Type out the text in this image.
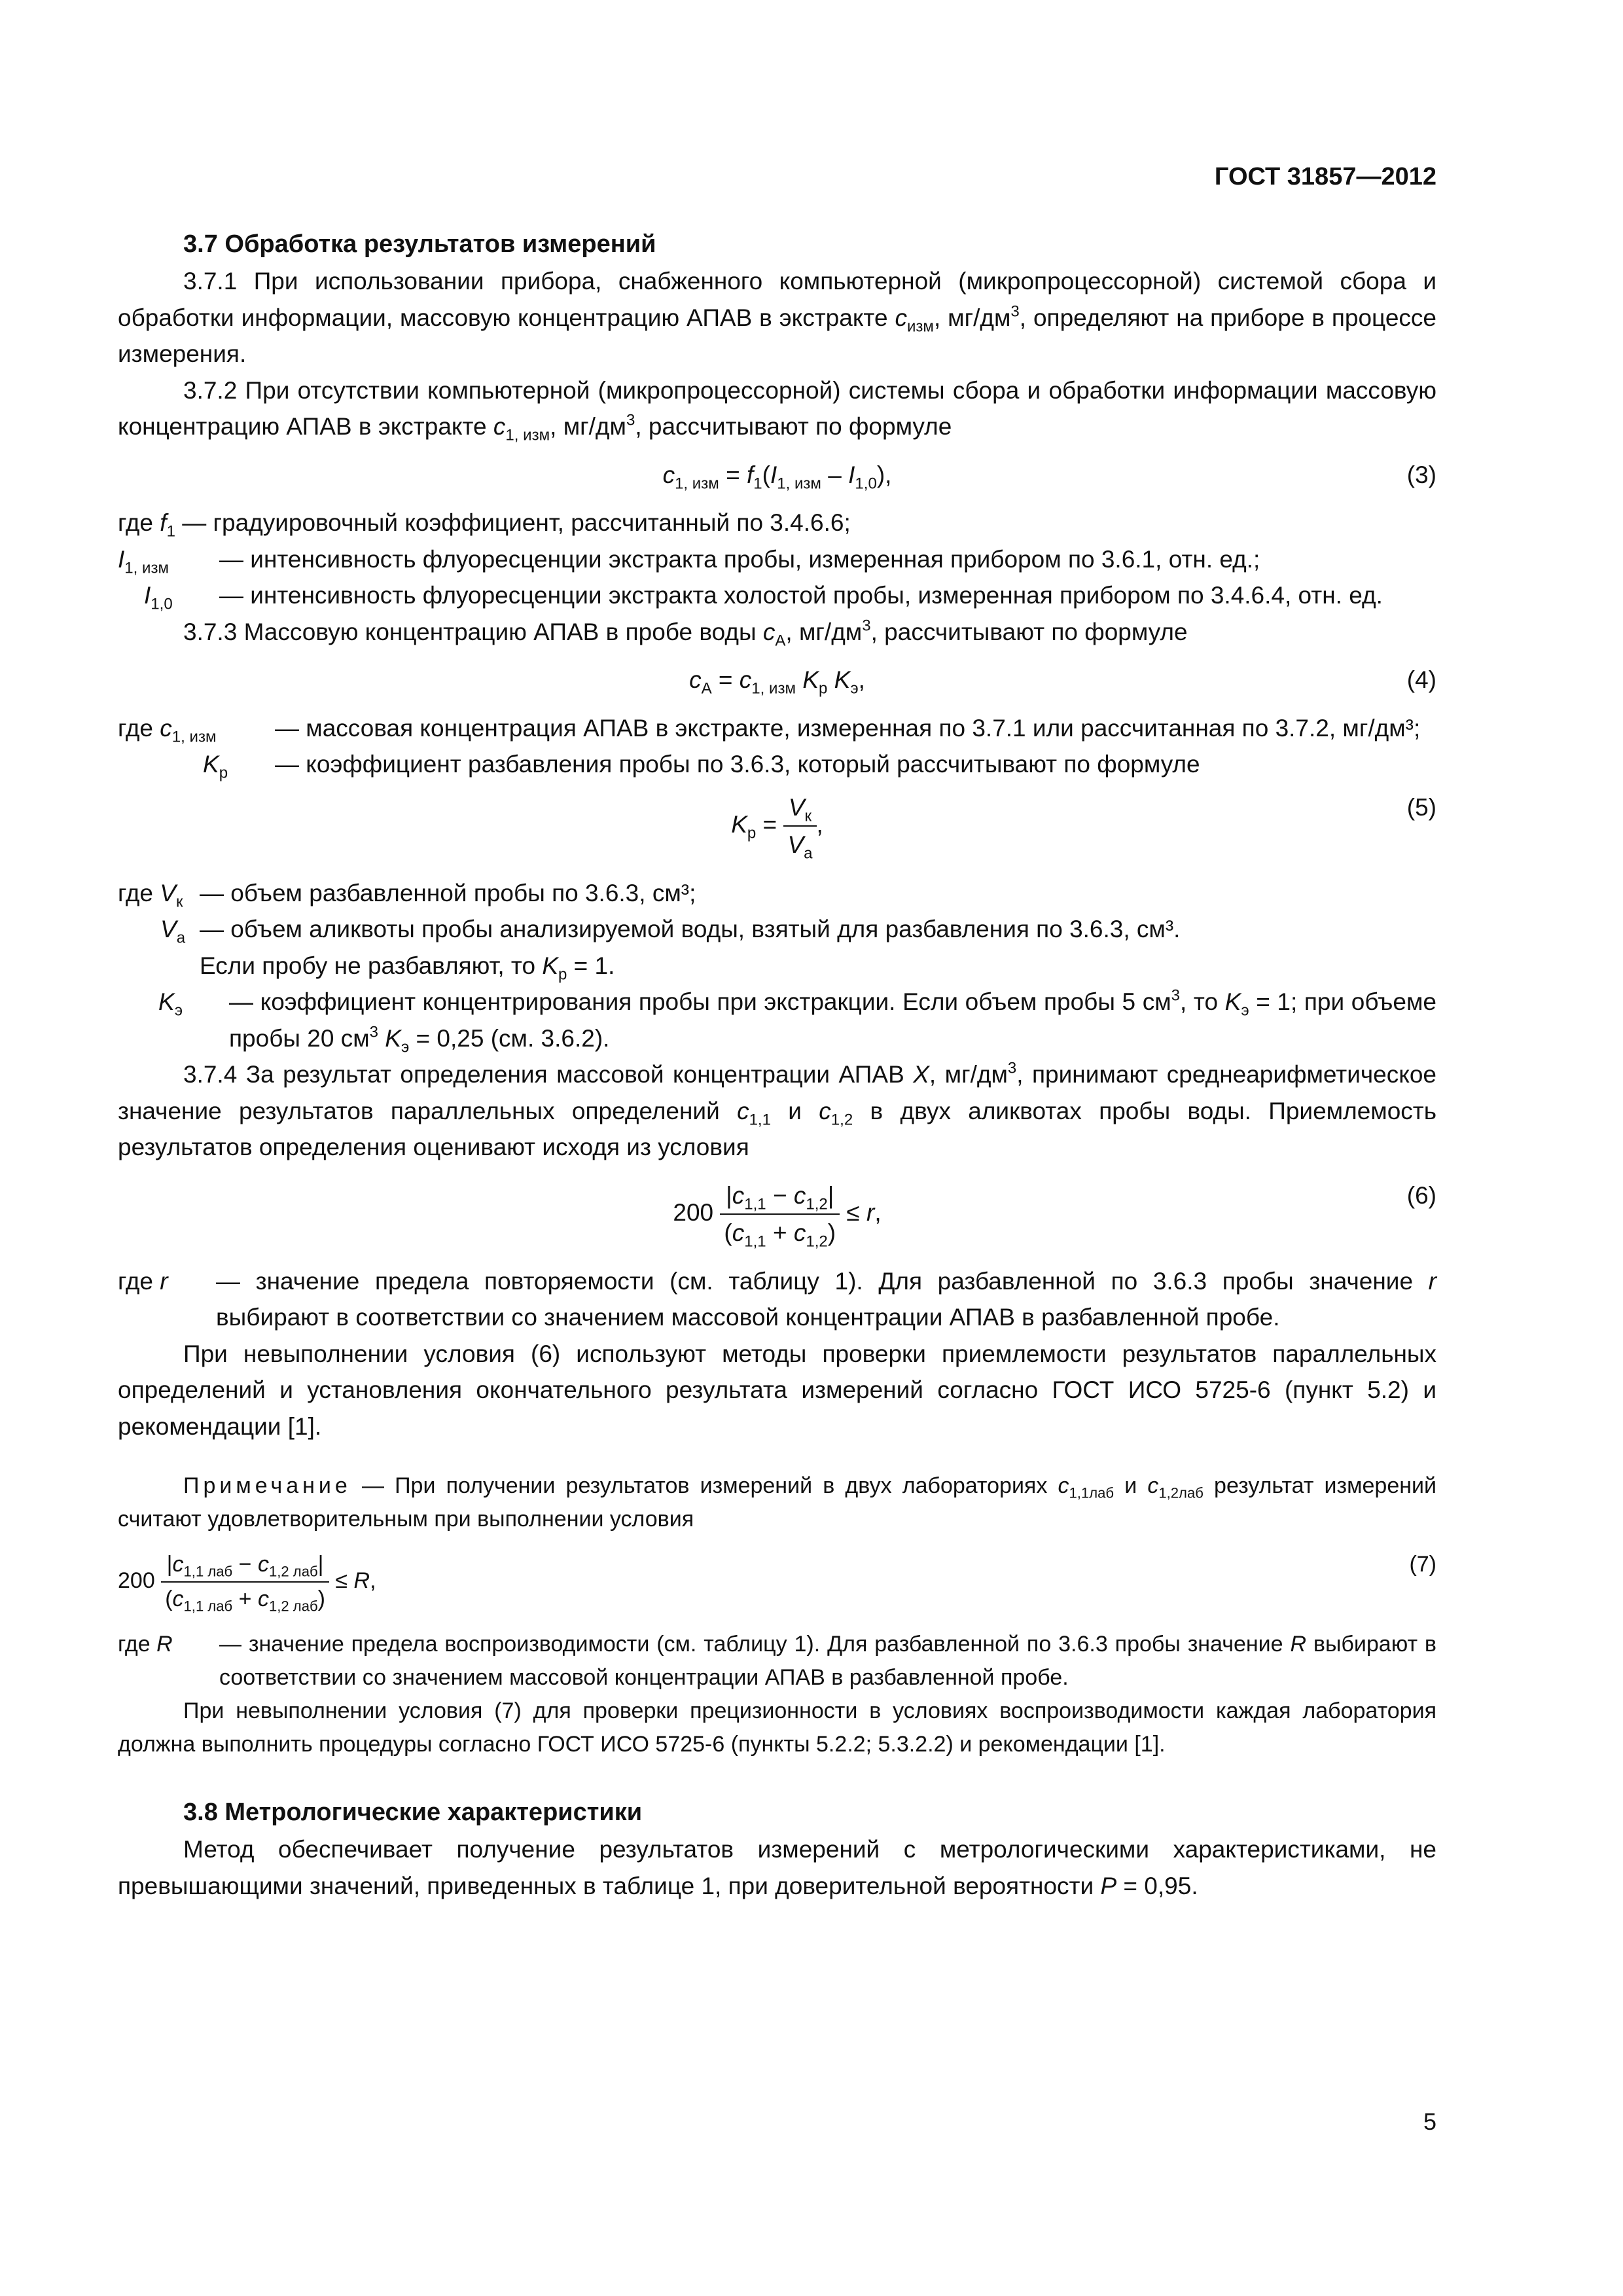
ГОСТ 31857—2012
3.7 Обработка результатов измерений

3.7.1 При использовании прибора, снабженного компьютерной (микропроцессорной) системой сбора и обработки информации, массовую концентрацию АПАВ в экстракте $c_{изм}$, $мг/дм^3$, определяют на приборе в процессе измерения.

3.7.2 При отсутствии компьютерной (микропроцессорной) системы сбора и обработки информации массовую концентрацию АПАВ в экстракте $c_{1, изм}$, $мг/дм^3$, рассчитывают по формуле

$c_{1, изм} = f_1(I_{1, изм} - I_{1,0})$,	(3)

где $f_1$ — градуировочный коэффициент, рассчитанный по 3.4.6.6;

$I_{1, изм}$ — интенсивность флуоресценции экстракта пробы, измеренная прибором по 3.6.1, отн. ед.;
$I_{1,0}$ — интенсивность флуоресценции экстракта холостой пробы, измеренная прибором по 3.4.6.4, отн. ед.

3.7.3 Массовую концентрацию АПАВ в пробе воды $c_А$, $мг/дм^3$, рассчитывают по формуле

$c_А = c_{1, изм}$ $K_р$ $K_э$,	(4)
где $c_{1, изм}$ — массовая концентрация АПАВ в экстракте, измеренная по 3.7.1 или рассчитанная по 3.7.2, мг/дм³;
$K_р$ — коэффициент разбавления пробы по 3.6.3, который рассчитывают по формуле
$K_р = \frac{V_к}{V_а}$ ,
(5)
где $V_к$ — объем разбавленной пробы по 3.6.3, см³;
$V_а$ — объем аликвоты пробы анализируемой воды, взятый для разбавления по 3.6.3, см³.
Если пробу не разбавляют, то $K_р = 1$.
$K_э$ — коэффициент концентрирования пробы при экстракции. Если объем пробы 5 $см^3$, то $K_э = 1$; при объеме пробы 20 $см^3$ $K_э = 0,25$ (см. 3.6.2).

3.7.4 За результат определения массовой концентрации АПАВ X, $мг/дм^3$, принимают среднеарифметическое значение результатов параллельных определений $c_{1,1}$ и $c_{1,2}$ в двух аликвотах пробы воды. Приемлемость результатов определения оценивают исходя из условия

$200 \frac{|c_{1,1} - c_{1,2}|}{(c_{1,1} + c_{1,2})} \le r$,
(6)
где r — значение предела повторяемости (см. таблицу 1). Для разбавленной по 3.6.3 пробы значение r выбирают в соответствии со значением массовой концентрации АПАВ в разбавленной пробе.

При невыполнении условия (6) используют методы проверки приемлемости результатов параллельных определений и установления окончательного результата измерений согласно ГОСТ ИСО 5725-6 (пункт 5.2) и рекомендации [1].

Примечание — При получении результатов измерений в двух лабораториях $c_{1,1лаб}$ и $c_{1,2лаб}$ результат измерений считают удовлетворительным при выполнении условия

$200 \frac{|c_{1,1 лаб} - c_{1,2 лаб}|}{(c_{1,1 лаб} + c_{1,2 лаб})} \le R$,
(7)
где R — значение предела воспроизводимости (см. таблицу 1). Для разбавленной по 3.6.3 пробы значение R выбирают в соответствии со значением массовой концентрации АПАВ в разбавленной пробе.

При невыполнении условия (7) для проверки прецизионности в условиях воспроизводимости каждая лаборатория должна выполнить процедуры согласно ГОСТ ИСО 5725-6 (пункты 5.2.2; 5.3.2.2) и рекомендации [1].

3.8 Метрологические характеристики

Метод обеспечивает получение результатов измерений с метрологическими характеристиками, не превышающими значений, приведенных в таблице 1, при доверительной вероятности P = 0,95.

5
